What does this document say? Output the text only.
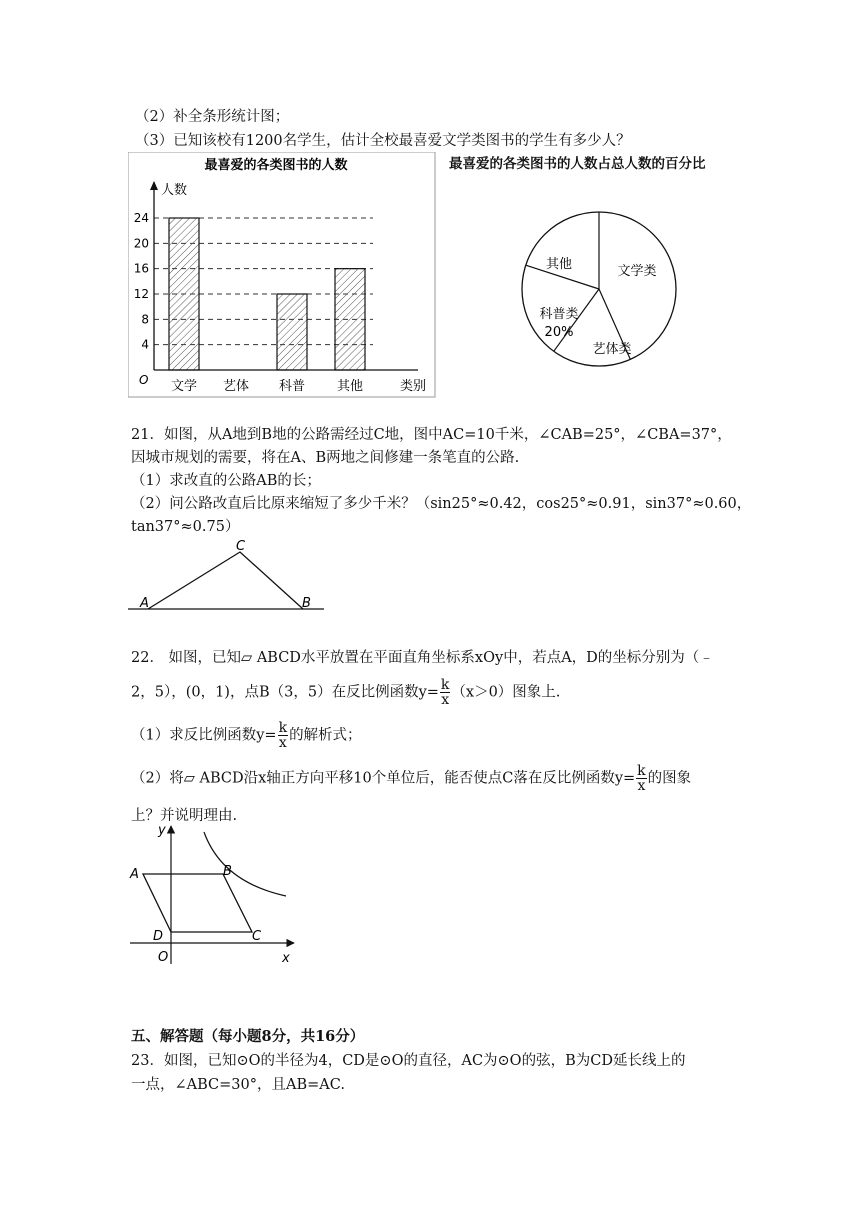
（2）补全条形统计图；
（3）已知该校有1200名学生，估计全校最喜爱文学类图书的学生有多少人？
最喜爱的各类图书的人数
4
8
12
16
20
24
人数
类别
O 文学 艺体 科普 其他
最喜爱的各类图书的人数占总人数的百分比
文学类
艺体类
科普类
20%
其他
21．如图，从A地到B地的公路需经过C地，图中AC=10千米，∠CAB=25°，∠CBA=37°，
因城市规划的需要，将在A、B两地之间修建一条笔直的公路.
（1）求改直的公路AB的长；
（2）问公路改直后比原来缩短了多少千米？（sin25°≈0.42，cos25°≈0.91，sin37°≈0.60，
tan37°≈0.75）
A
C
B
22． 如图，已知▱ ABCD水平放置在平面直角坐标系xOy中，若点A，D的坐标分别为（﹣
2，5），(0，1)，点B（3，5）在反比例函数$y= \frac{k}{x} (x>0)$图象上.
（1）求反比例函数$y= \frac{k}{x}$ 的解析式；
（2）将▱ ABCD沿x轴正方向平移10个单位后，能否使点C落在反比例函数$y= \frac{k}{x}$ 的图象
上？并说明理由.
A	B
C
D
O	x
y
五、解答题（每小题8分，共16分）
23．如图，已知⊙O的半径为4，CD是⊙O的直径，AC为⊙O的弦，B为CD延长线上的
一点，∠ABC=30°，且AB=AC.
